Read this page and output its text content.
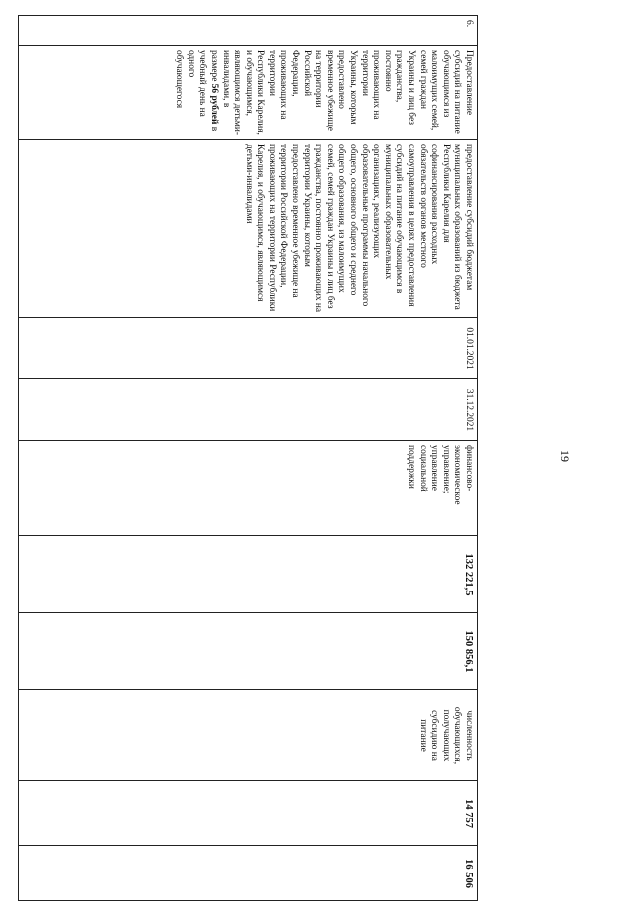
6.	Предоставление субсидий на питание обучающимся из малоимущих семей, семей граждан Украины и лиц без гражданства, постоянно проживающих на территории Украины, которым предоставлено временное убежище на территории Российской Федерации, проживающих на территории Республики Карелия, и обучающимся, являющимся детьми-инвалидами, в размере 56 рублей в учебный день на одного обучающегося	предоставление субсидий бюджетам муниципальных образований из бюджета Республики Карелия для софинансирования расходных обязательств органов местного самоуправления в целях предоставления субсидий на питание обучающимся в муниципальных образовательных организациях, реализующих образовательные программы начального общего, основного общего и среднего общего образования, из малоимущих семей, семей граждан Украины и лиц без гражданства, постоянно проживающих на территории Украины, которым предоставлено временное убежище на территории Российской Федерации, проживающих на территории Республики Карелия, и обучающимся, являющимся детьми-инвалидами	01.01.2021	31.12.2021	финансово-экономическое управление; управление социальной поддержки	132 221,5	150 856,1	численность обучающихся, получающих субсидию на питание	14 757	16 506
19
